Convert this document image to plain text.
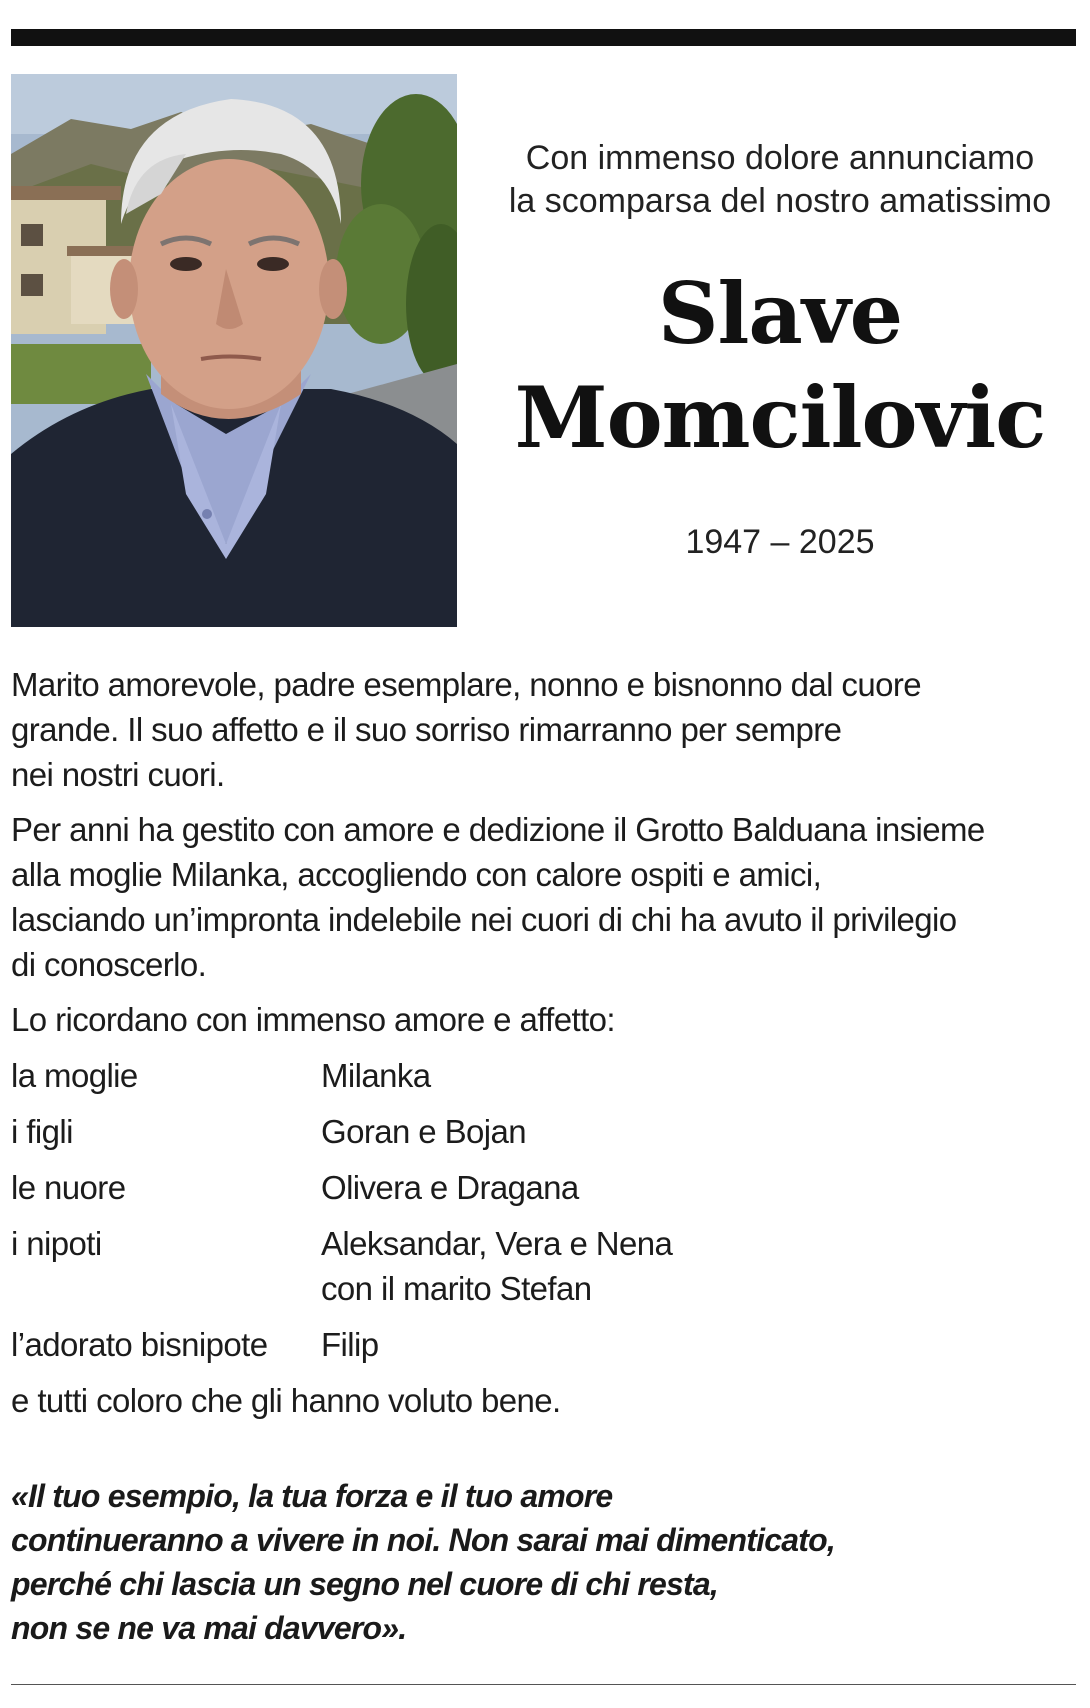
Con immenso dolore annunciamo
la scomparsa del nostro amatissimo
Slave
Momcilovic
1947 – 2025
Marito amorevole, padre esemplare, nonno e bisnonno dal cuore
grande. Il suo affetto e il suo sorriso rimarranno per sempre
nei nostri cuori.
Per anni ha gestito con amore e dedizione il Grotto Balduana insieme
alla moglie Milanka, accogliendo con calore ospiti e amici,
lasciando un’impronta indelebile nei cuori di chi ha avuto il privilegio
di conoscerlo.
Lo ricordano con immenso amore e affetto:
la moglie	Milanka
i figli	Goran e Bojan
le nuore	Olivera e Dragana
i nipoti	Aleksandar, Vera e Nena
con il marito Stefan
l’adorato bisnipote Filip
e tutti coloro che gli hanno voluto bene.
«Il tuo esempio, la tua forza e il tuo amore
continueranno a vivere in noi. Non sarai mai dimenticato,
perché chi lascia un segno nel cuore di chi resta,
non se ne va mai davvero».
